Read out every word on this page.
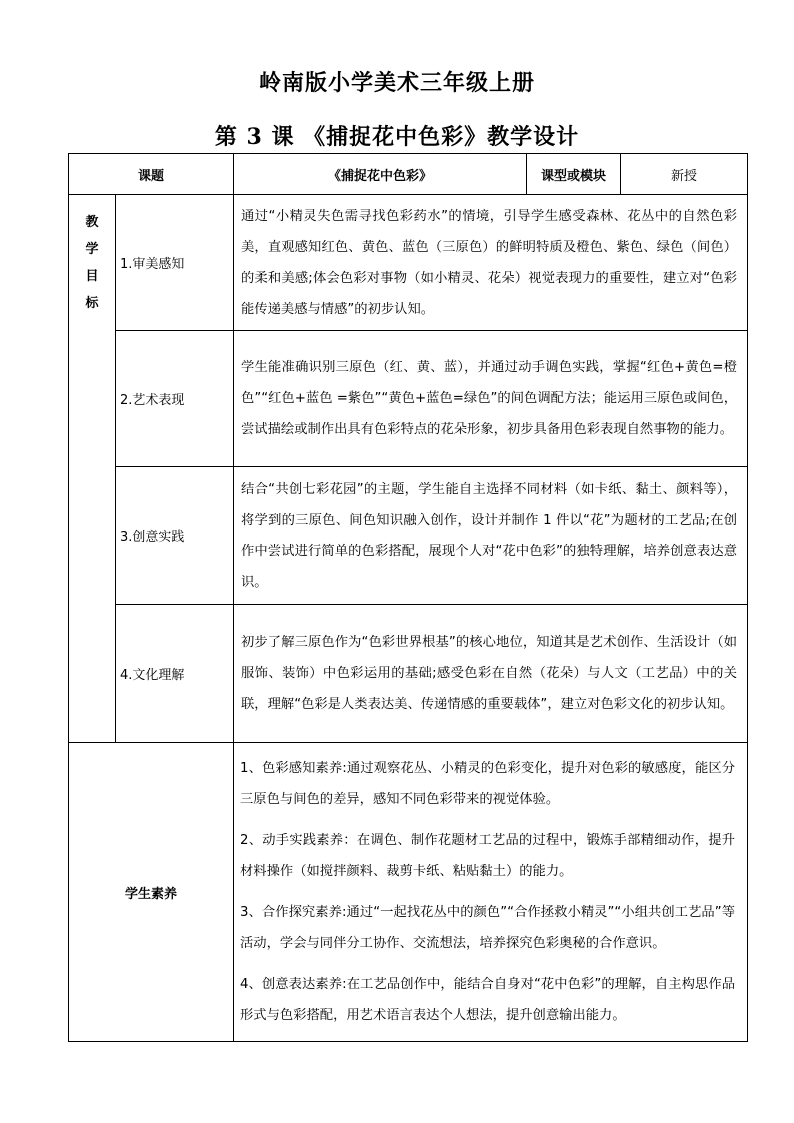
岭南版小学美术三年级上册
第 3 课 《捕捉花中色彩》教学设计
课题		《捕捉花中色彩》	课型或模块	新授

教
学
目
标	1.审美感知	通过“小精灵失色需寻找色彩药水”的情境，引导学生感受森林、花丛中的自然色彩美，直观感知红色、黄色、蓝色（三原色）的鲜明特质及橙色、紫色、绿色（间色）的柔和美感;体会色彩对事物（如小精灵、花朵）视觉表现力的重要性，建立对“色彩能传递美感与情感”的初步认知。		
	2.艺术表现	学生能准确识别三原色（红、黄、蓝），并通过动手调色实践，掌握“红色+黄色=橙色”“红色+蓝色 =紫色”“黄色+蓝色=绿色”的间色调配方法；能运用三原色或间色，尝试描绘或制作出具有色彩特点的花朵形象，初步具备用色彩表现自然事物的能力。		
	3.创意实践	结合“共创七彩花园”的主题，学生能自主选择不同材料（如卡纸、黏土、颜料等），将学到的三原色、间色知识融入创作，设计并制作 1 件以“花”为题材的工艺品;在创作中尝试进行简单的色彩搭配，展现个人对“花中色彩”的独特理解，培养创意表达意识。		
	4.文化理解	初步了解三原色作为“色彩世界根基”的核心地位，知道其是艺术创作、生活设计（如服饰、装饰）中色彩运用的基础;感受色彩在自然（花朵）与人文（工艺品）中的关联，理解“色彩是人类表达美、传递情感的重要载体”，建立对色彩文化的初步认知。		
学生素养		1、色彩感知素养:通过观察花丛、小精灵的色彩变化，提升对色彩的敏感度，能区分三原色与间色的差异，感知不同色彩带来的视觉体验。

2、动手实践素养：在调色、制作花题材工艺品的过程中，锻炼手部精细动作，提升材料操作（如搅拌颜料、裁剪卡纸、粘贴黏土）的能力。

3、合作探究素养:通过“一起找花丛中的颜色”“合作拯救小精灵”“小组共创工艺品”等活动，学会与同伴分工协作、交流想法，培养探究色彩奥秘的合作意识。

4、创意表达素养:在工艺品创作中，能结合自身对“花中色彩”的理解，自主构思作品形式与色彩搭配，用艺术语言表达个人想法，提升创意输出能力。		
